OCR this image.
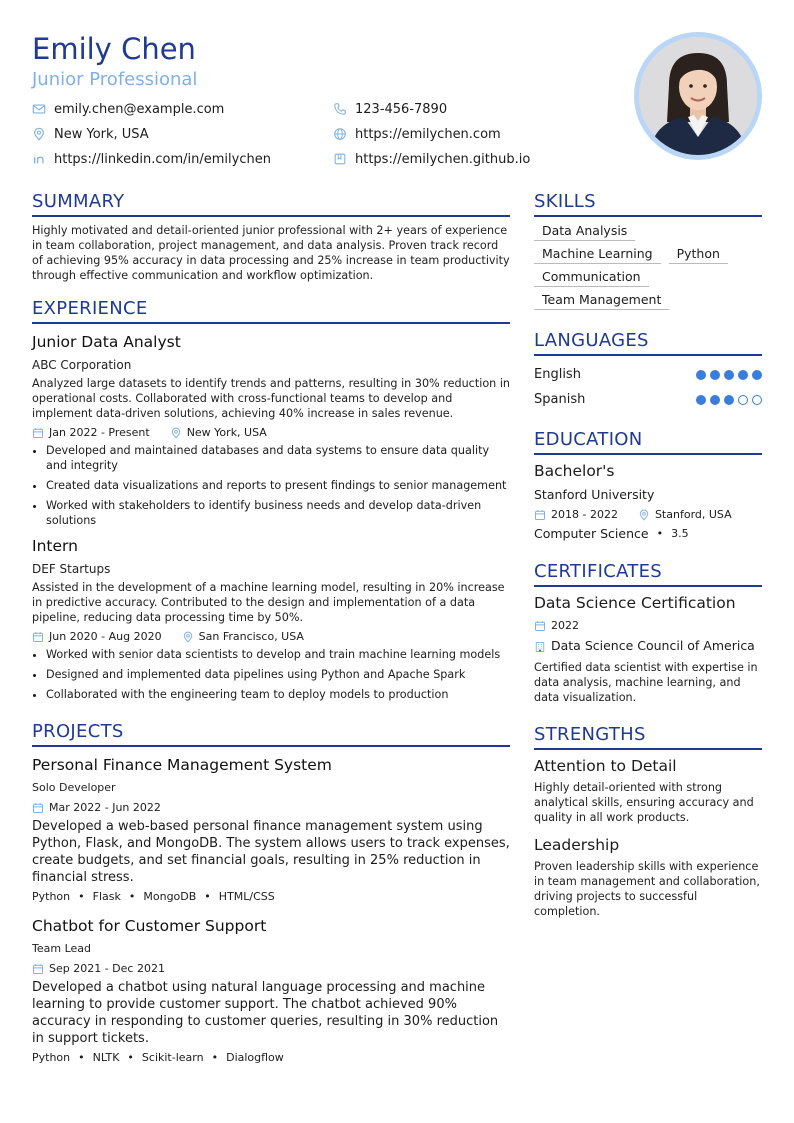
Emily Chen
Junior Professional
emily.chen@example.com	123-456-7890
New York, USA	https://emilychen.com
https://linkedin.com/in/emilychen	https://emilychen.github.io
SUMMARY

Highly motivated and detail-oriented junior professional with 2+ years of experience in team collaboration, project management, and data analysis. Proven track record of achieving 95% accuracy in data processing and 25% increase in team productivity through effective communication and workflow optimization.

EXPERIENCE
Junior Data Analyst
ABC Corporation

Analyzed large datasets to identify trends and patterns, resulting in 30% reduction in operational costs. Collaborated with cross-functional teams to develop and implement data-driven solutions, achieving 40% increase in sales revenue.

Jan 2022 - Present	New York, USA
• Developed and maintained databases and data systems to ensure data quality and integrity
• Created data visualizations and reports to present findings to senior management
• Worked with stakeholders to identify business needs and develop data-driven solutions
Intern
DEF Startups

Assisted in the development of a machine learning model, resulting in 20% increase in predictive accuracy. Contributed to the design and implementation of a data pipeline, reducing data processing time by 50%.

Jun 2020 - Aug 2020	San Francisco, USA
• Worked with senior data scientists to develop and train machine learning models
• Designed and implemented data pipelines using Python and Apache Spark
• Collaborated with the engineering team to deploy models to production
PROJECTS
Personal Finance Management System
Solo Developer
Mar 2022 - Jun 2022

Developed a web-based personal finance management system using Python, Flask, and MongoDB. The system allows users to track expenses, create budgets, and set financial goals, resulting in 25% reduction in financial stress.

Python • Flask • MongoDB • HTML/CSS
Chatbot for Customer Support
Team Lead
Sep 2021 - Dec 2021

Developed a chatbot using natural language processing and machine learning to provide customer support. The chatbot achieved 90% accuracy in responding to customer queries, resulting in 30% reduction in support tickets.

Python • NLTK • Scikit-learn • Dialogflow
SKILLS
Data Analysis
Machine Learning	Python
Communication
Team Management
LANGUAGES
English
Spanish
EDUCATION
Bachelor's
Stanford University
2018 - 2022	Stanford, USA
Computer Science • 3.5
CERTIFICATES
Data Science Certification
2022
Data Science Council of America

Certified data scientist with expertise in data analysis, machine learning, and data visualization.

STRENGTHS
Attention to Detail

Highly detail-oriented with strong analytical skills, ensuring accuracy and quality in all work products.

Leadership

Proven leadership skills with experience in team management and collaboration, driving projects to successful completion.
